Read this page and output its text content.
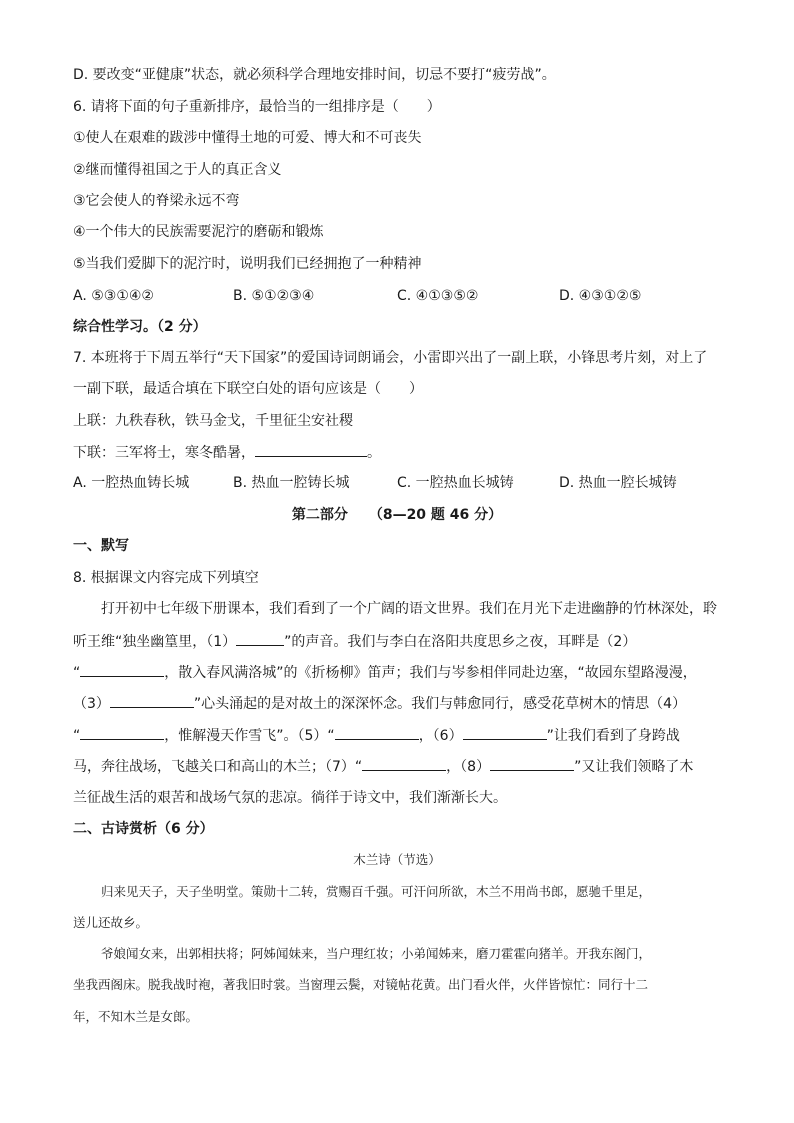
D. 要改变“亚健康”状态，就必须科学合理地安排时间，切忌不要打“疲劳战”。
6. 请将下面的句子重新排序，最恰当的一组排序是（　　）
①使人在艰难的跋涉中懂得土地的可爱、博大和不可丧失
②继而懂得祖国之于人的真正含义
③它会使人的脊梁永远不弯
④一个伟大的民族需要泥泞的磨砺和锻炼
⑤当我们爱脚下的泥泞时，说明我们已经拥抱了一种精神
A. ⑤③①④②	B. ⑤①②③④	C. ④①③⑤②	D. ④③①②⑤
综合性学习。（2 分）
7. 本班将于下周五举行“天下国家”的爱国诗词朗诵会，小雷即兴出了一副上联，小锋思考片刻，对上了
一副下联，最适合填在下联空白处的语句应该是（　　）
上联：九秩春秋，铁马金戈，千里征尘安社稷
下联：三军将士，寒冬酷暑，	。
A. 一腔热血铸长城	B. 热血一腔铸长城	C. 一腔热血长城铸	D. 热血一腔长城铸
第二部分　　（8—20 题 46 分）
一、默写
8. 根据课文内容完成下列填空
打开初中七年级下册课本，我们看到了一个广阔的语文世界。我们在月光下走进幽静的竹林深处，聆
听王维“独坐幽篁里，（1）	”的声音。我们与李白在洛阳共度思乡之夜，耳畔是（2）
“	，散入春风满洛城”的《折杨柳》笛声；我们与岑参相伴同赴边塞，“故园东望路漫漫，
（3）	”心头涌起的是对故土的深深怀念。我们与韩愈同行，感受花草树木的情思（4）
“	，惟解漫天作雪飞”。（5）“	，（6）	”让我们看到了身跨战
马，奔往战场，飞越关口和高山的木兰；（7）“	，（8）	”又让我们领略了木
兰征战生活的艰苦和战场气氛的悲凉。徜徉于诗文中，我们渐渐长大。
二、古诗赏析（6 分）
木兰诗（节选）
归来见天子，天子坐明堂。策勋十二转，赏赐百千强。可汗问所欲，木兰不用尚书郎，愿驰千里足，
送儿还故乡。
爷娘闻女来，出郭相扶将；阿姊闻妹来，当户理红妆；小弟闻姊来，磨刀霍霍向猪羊。开我东阁门，
坐我西阁床。脱我战时袍，著我旧时裳。当窗理云鬓，对镜帖花黄。出门看火伴，火伴皆惊忙：同行十二
年，不知木兰是女郎。
